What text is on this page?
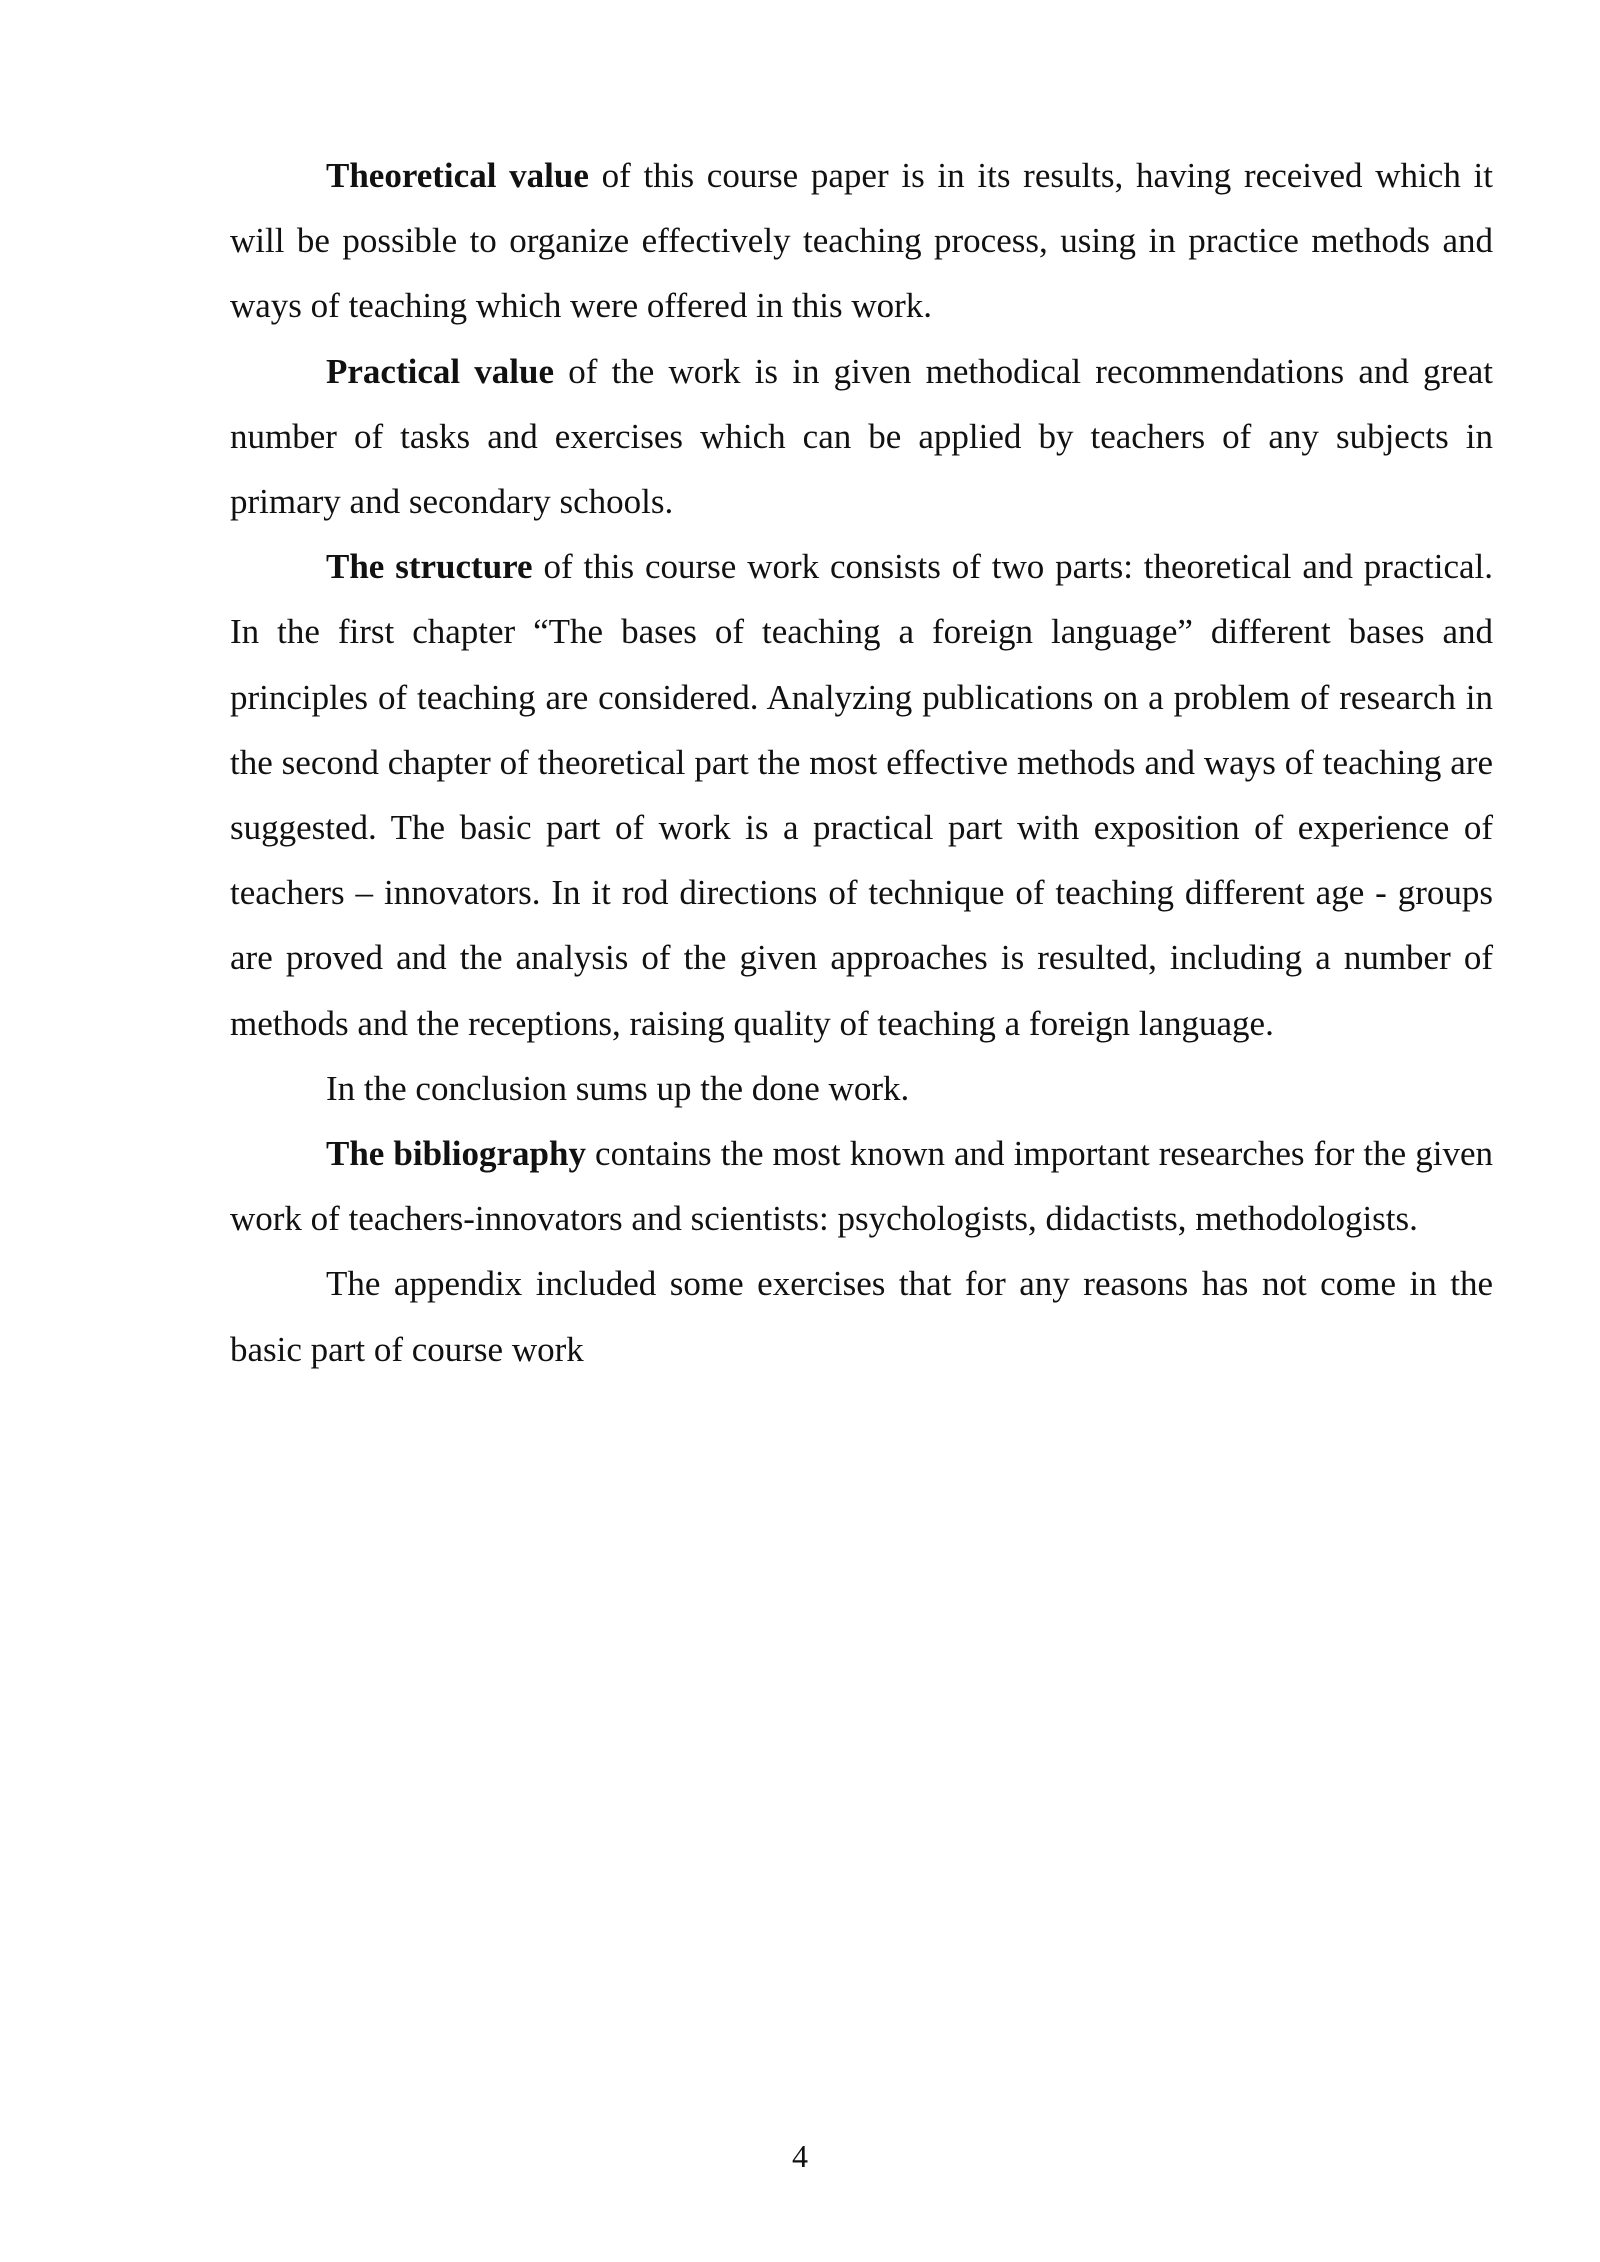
Theoretical value of this course paper is in its results, having received which it will be possible to organize effectively teaching process, using in practice methods and ways of teaching which were offered in this work.

Practical value of the work is in given methodical recommendations and great number of tasks and exercises which can be applied by teachers of any subjects in primary and secondary schools.

The structure of this course work consists of two parts: theoretical and practical. In the first chapter “The bases of teaching a foreign language” different bases and principles of teaching are considered. Analyzing publications on a problem of research in the second chapter of theoretical part the most effective methods and ways of teaching are suggested. The basic part of work is a practical part with exposition of experience of teachers – innovators. In it rod directions of technique of teaching different age - groups are proved and the analysis of the given approaches is resulted, including a number of methods and the receptions, raising quality of teaching a foreign language.

In the conclusion sums up the done work.

The bibliography contains the most known and important researches for the given work of teachers-innovators and scientists: psychologists, didactists, methodologists.

The appendix included some exercises that for any reasons has not come in the basic part of course work

4
